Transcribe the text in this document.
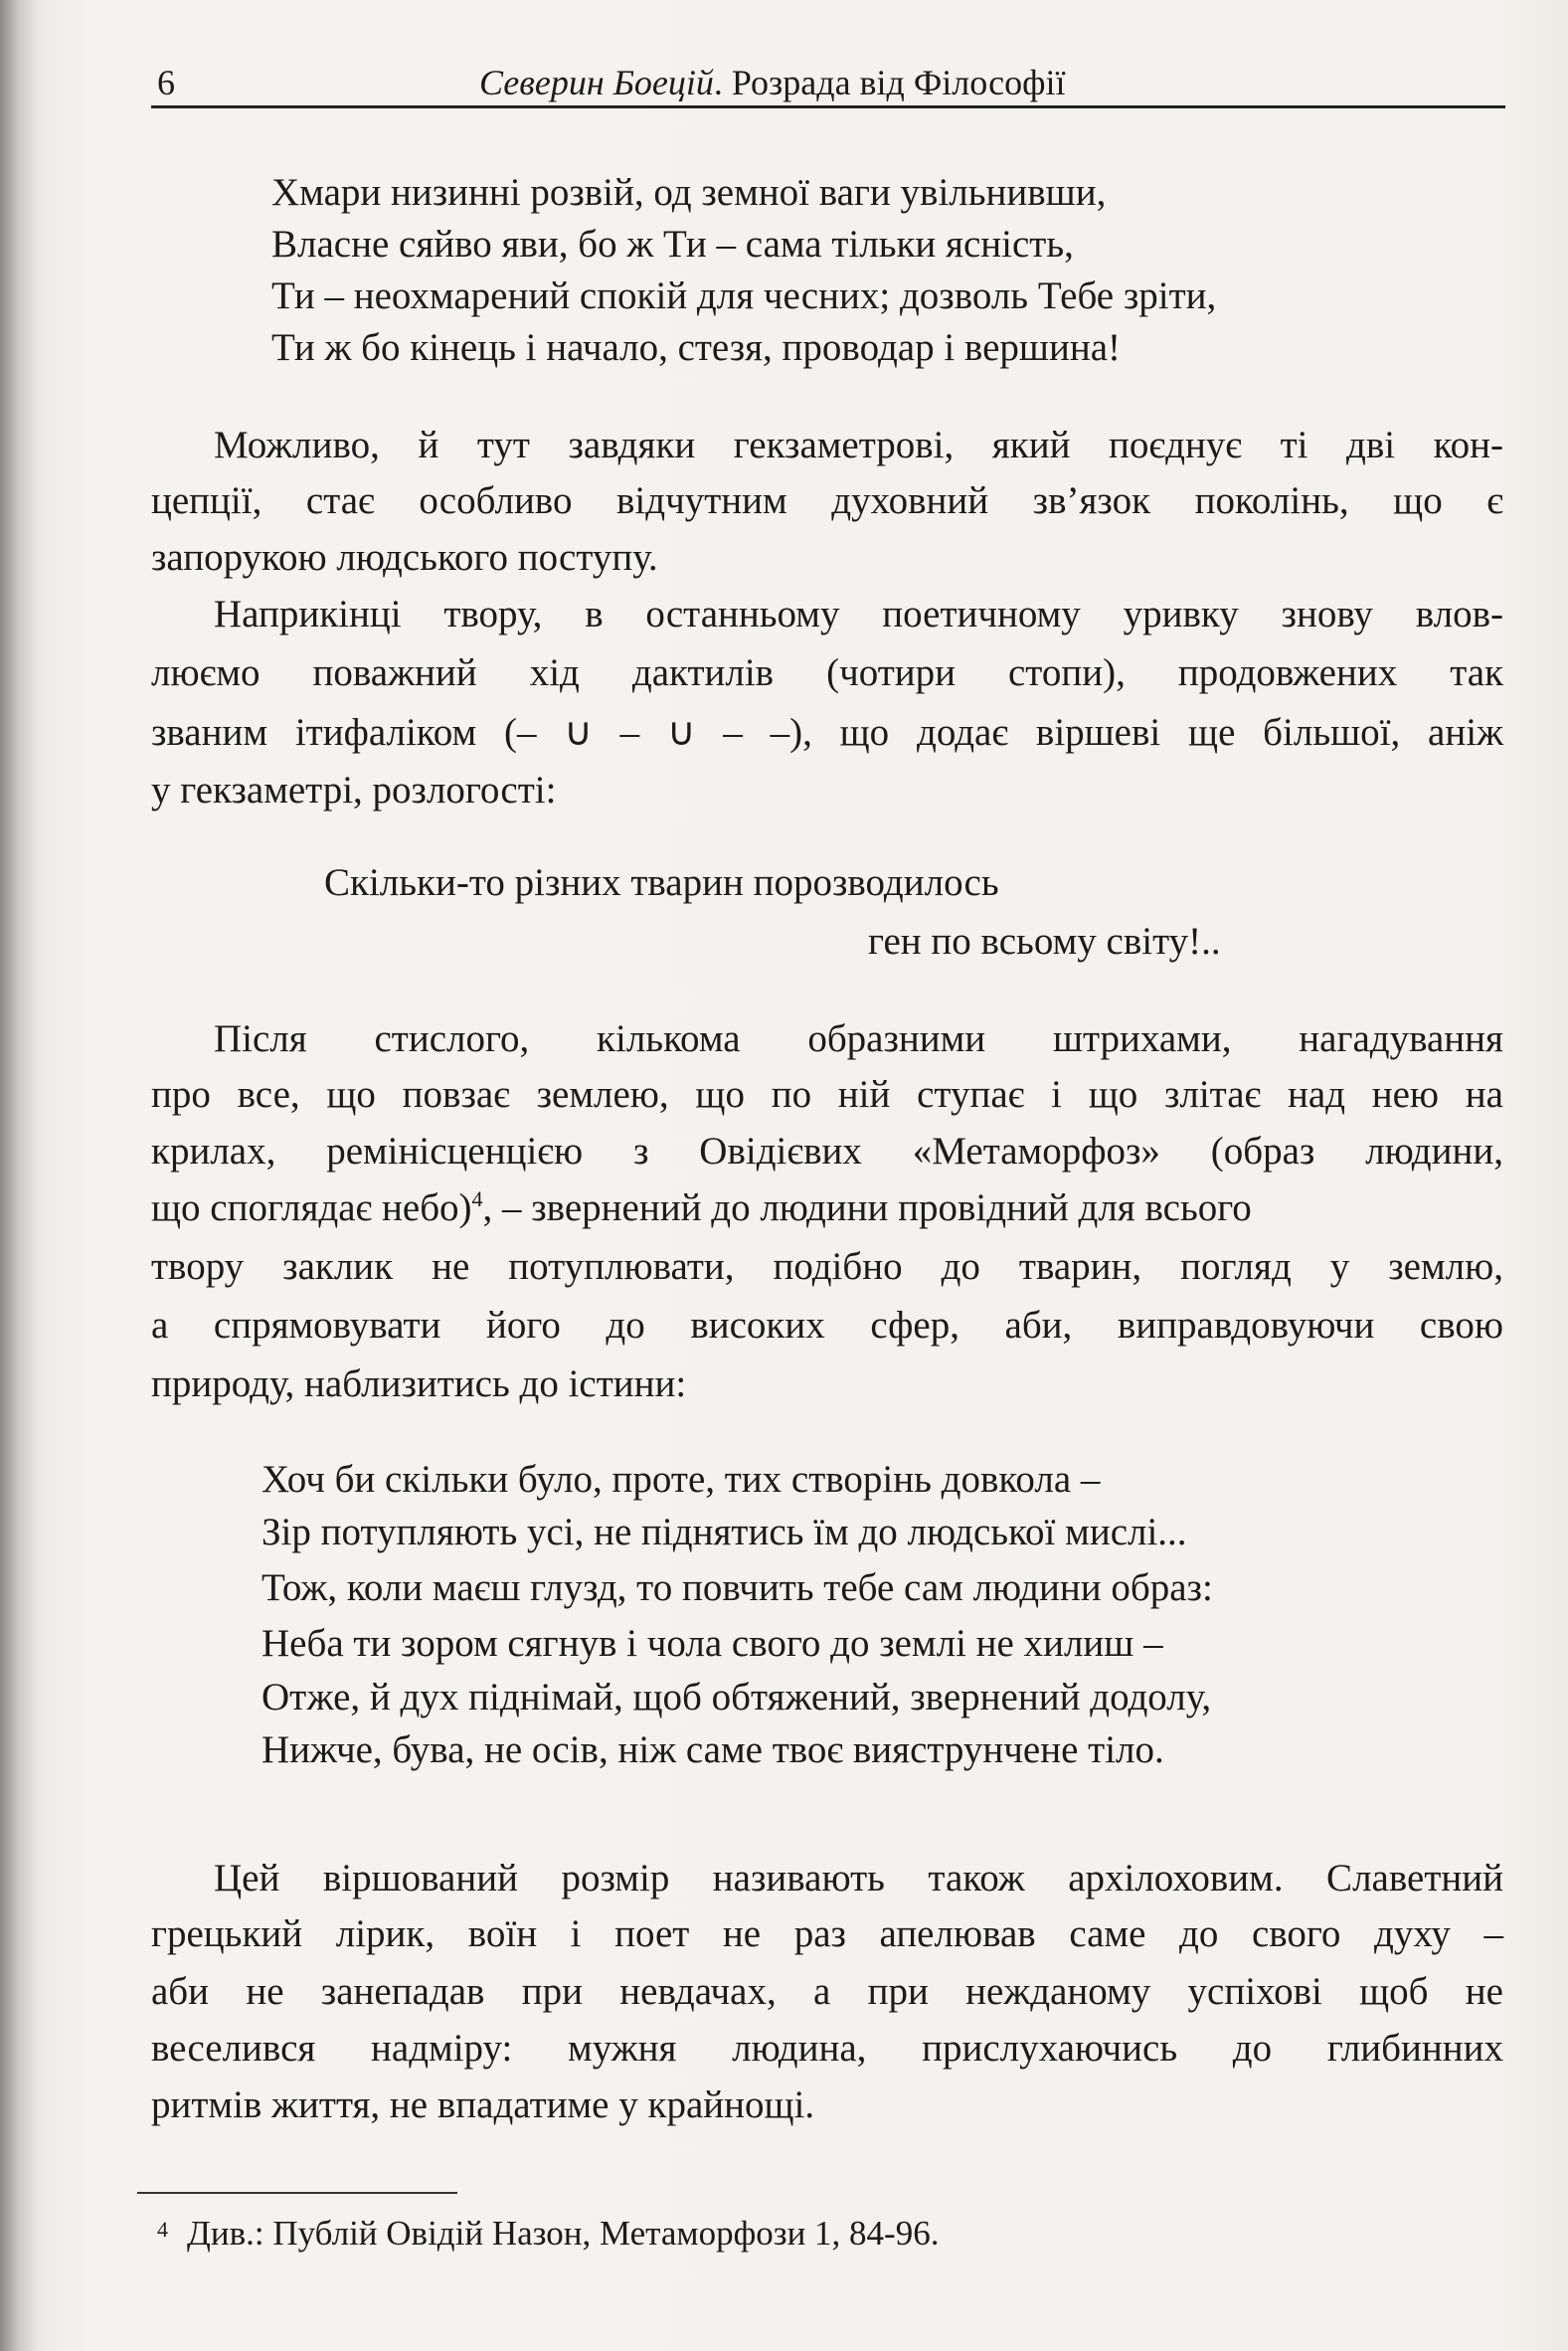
6	Северин Боецій. Розрада від Філософії
Хмари низинні розвій, од земної ваги увільнивши,
Власне сяйво яви, бо ж Ти – сама тільки ясність,
Ти – неохмарений спокій для чесних; дозволь Тебе зріти,
Ти ж бо кінець і начало, стезя, проводар і вершина!
Можливо, й тут завдяки гекзаметрові, який поєднує ті дві кон-
цепції, стає особливо відчутним духовний зв’язок поколінь, що є
запорукою людського поступу.
Наприкінці твору, в останньому поетичному уривку знову влов-
люємо поважний хід дактилів (чотири стопи), продовжених так
званим ітифаліком (– ∪ – ∪ – –), що додає віршеві ще більшої, аніж
у гекзаметрі, розлогості:
Скільки-то різних тварин порозводилось
ген по всьому світу!..
Після стислого, кількома образними штрихами, нагадування
про все, що повзає землею, що по ній ступає і що злітає над нею на
крилах, ремінісценцією з Овідієвих «Метаморфоз» (образ людини,
що споглядає небо)$^4$, – звернений до людини провідний для всього
твору заклик не потуплювати, подібно до тварин, погляд у землю,
а спрямовувати його до високих сфер, аби, виправдовуючи свою
природу, наблизитись до істини:
Хоч би скільки було, проте, тих створінь довкола –
Зір потупляють усі, не піднятись їм до людської мислі...
Тож, коли маєш глузд, то повчить тебе сам людини образ:
Неба ти зором сягнув і чола свого до землі не хилиш –
Отже, й дух піднімай, щоб обтяжений, звернений додолу,
Нижче, бува, не осів, ніж саме твоє вияструнчене тіло.
Цей віршований розмір називають також архілоховим. Славетний
грецький лірик, воїн і поет не раз апелював саме до свого духу –
аби не занепадав при невдачах, а при нежданому успіхові щоб не
веселився надміру: мужня людина, прислухаючись до глибинних
ритмів життя, не впадатиме у крайнощі.
4 Див.: Публій Овідій Назон, Метаморфози 1, 84-96.
